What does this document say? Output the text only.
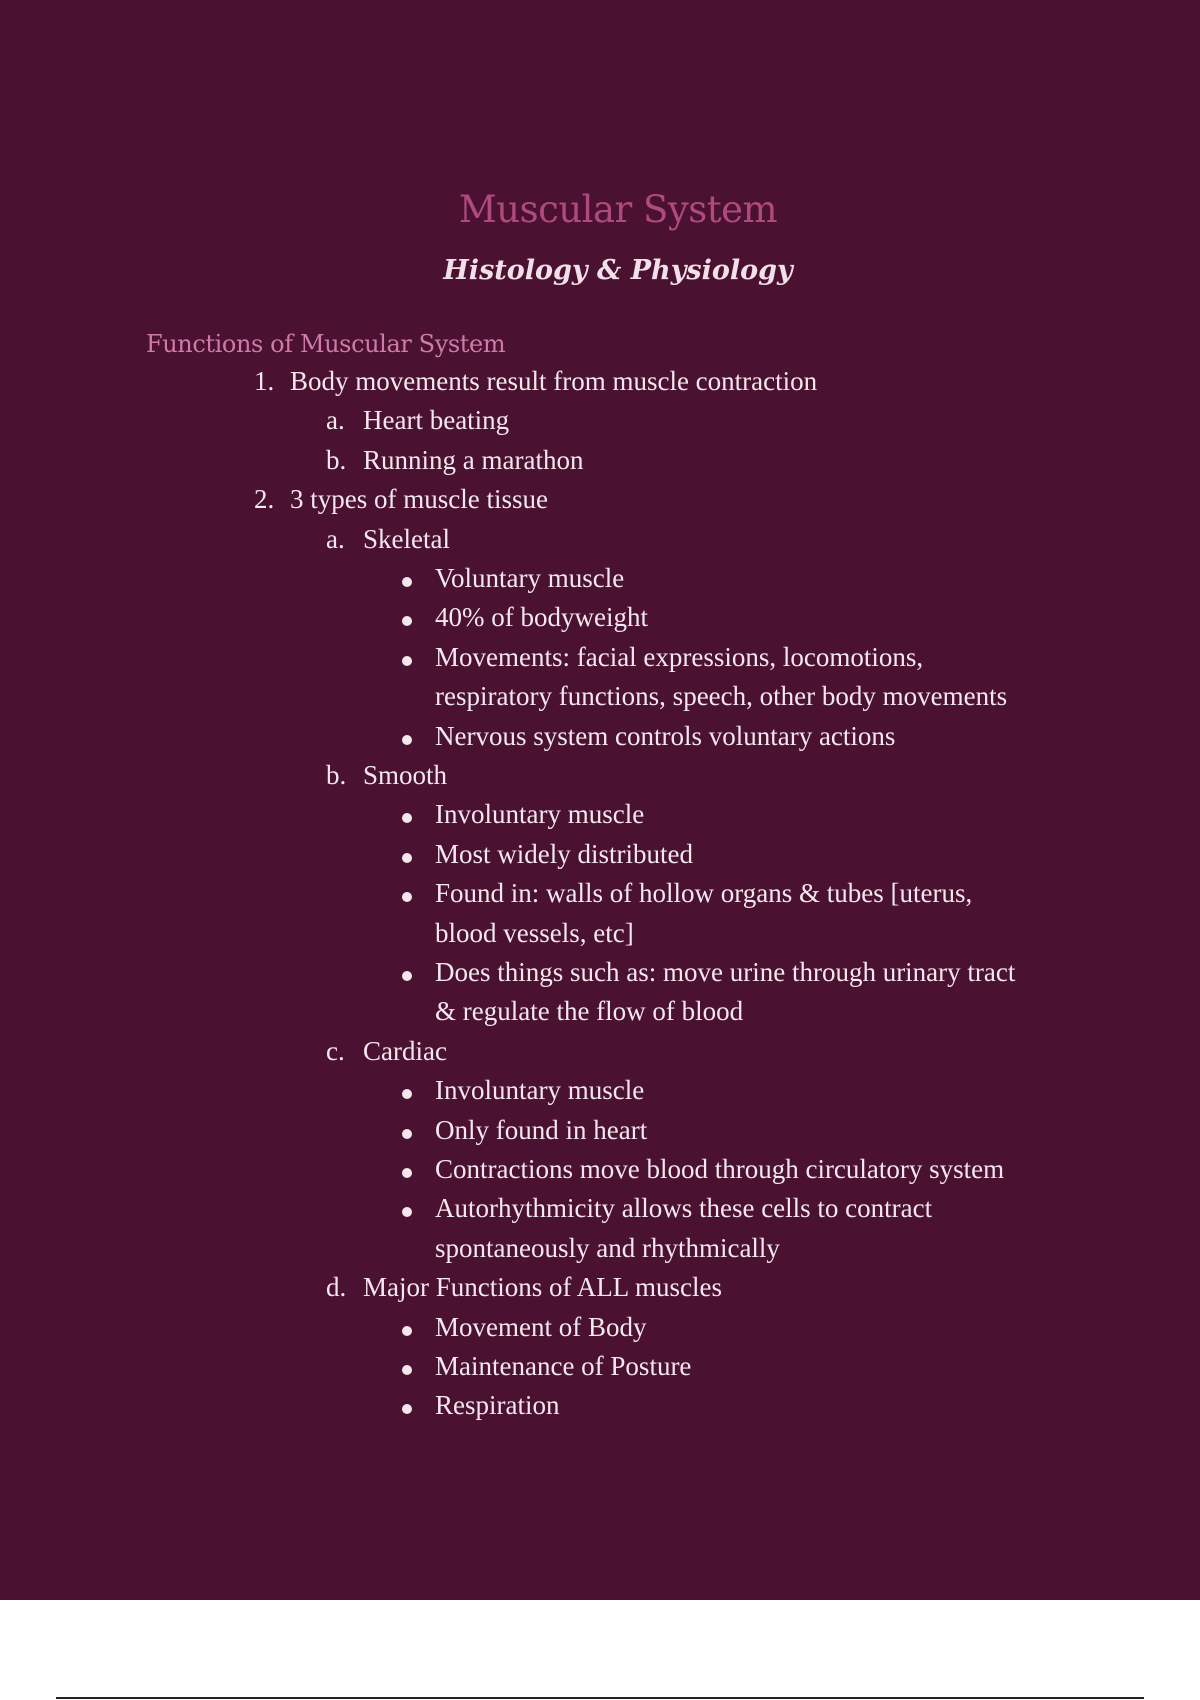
Muscular System
Histology & Physiology
Functions of Muscular System
1. Body movements result from muscle contraction
a. Heart beating
b. Running a marathon
2. 3 types of muscle tissue
a. Skeletal
Voluntary muscle
40% of bodyweight
Movements: facial expressions, locomotions,
respiratory functions, speech, other body movements
Nervous system controls voluntary actions
b. Smooth
Involuntary muscle
Most widely distributed
Found in: walls of hollow organs & tubes [uterus,
blood vessels, etc]
Does things such as: move urine through urinary tract
& regulate the flow of blood
c. Cardiac
Involuntary muscle
Only found in heart
Contractions move blood through circulatory system
Autorhythmicity allows these cells to contract
spontaneously and rhythmically
d. Major Functions of ALL muscles
Movement of Body
Maintenance of Posture
Respiration
